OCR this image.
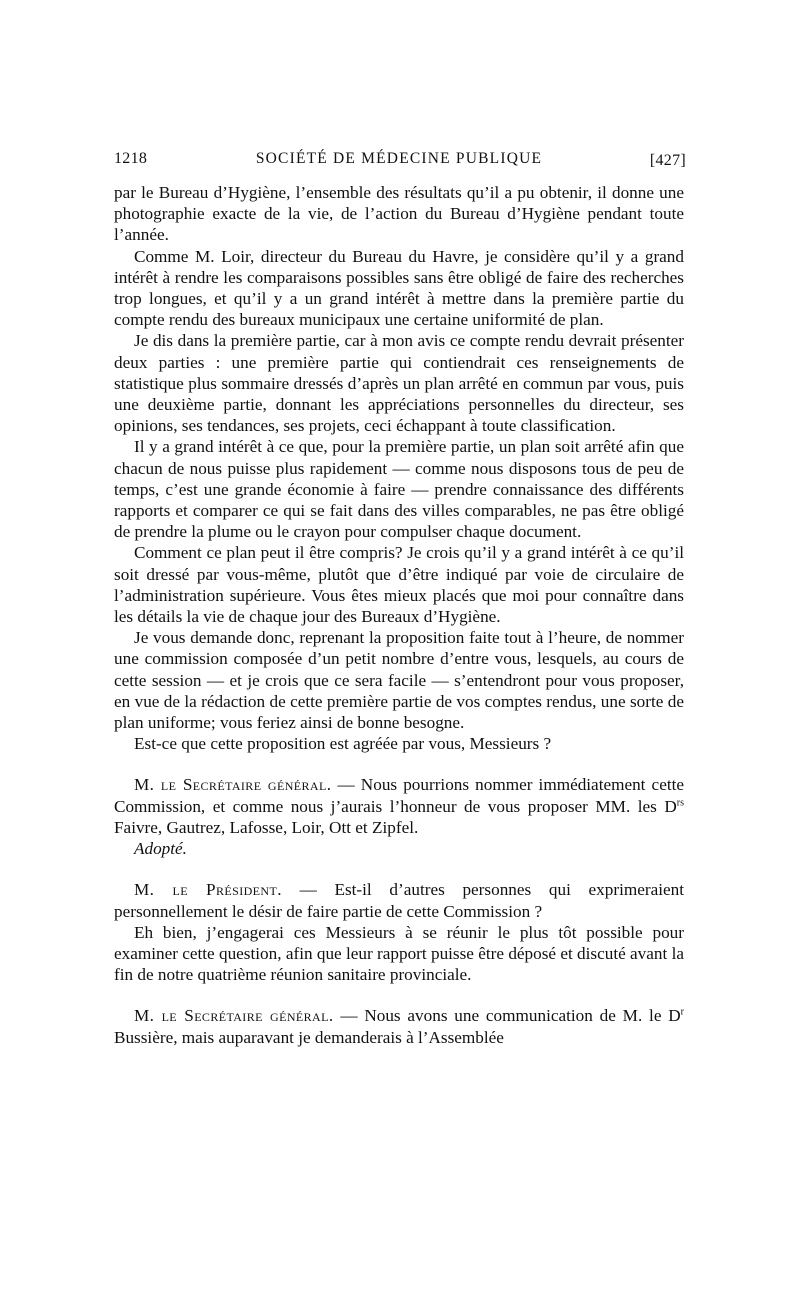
1218	SOCIÉTÉ DE MÉDECINE PUBLIQUE	[427]

par le Bureau d’Hygiène, l’ensemble des résultats qu’il a pu obtenir, il donne une photographie exacte de la vie, de l’action du Bureau d’Hygiène pendant toute l’année.

Comme M. Loir, directeur du Bureau du Havre, je considère qu’il y a grand intérêt à rendre les comparaisons possibles sans être obligé de faire des recherches trop longues, et qu’il y a un grand intérêt à mettre dans la première partie du compte rendu des bureaux municipaux une certaine uniformité de plan.

Je dis dans la première partie, car à mon avis ce compte rendu devrait présenter deux parties : une première partie qui contiendrait ces renseignements de statistique plus sommaire dressés d’après un plan arrêté en commun par vous, puis une deuxième partie, donnant les appréciations personnelles du directeur, ses opinions, ses tendances, ses projets, ceci échappant à toute classification.

Il y a grand intérêt à ce que, pour la première partie, un plan soit arrêté afin que chacun de nous puisse plus rapidement — comme nous disposons tous de peu de temps, c’est une grande économie à faire — prendre connaissance des différents rapports et comparer ce qui se fait dans des villes comparables, ne pas être obligé de prendre la plume ou le crayon pour compulser chaque document.

Comment ce plan peut il être compris? Je crois qu’il y a grand intérêt à ce qu’il soit dressé par vous-même, plutôt que d’être indiqué par voie de circulaire de l’administration supérieure. Vous êtes mieux placés que moi pour connaître dans les détails la vie de chaque jour des Bureaux d’Hygiène.

Je vous demande donc, reprenant la proposition faite tout à l’heure, de nommer une commission composée d’un petit nombre d’entre vous, lesquels, au cours de cette session — et je crois que ce sera facile — s’entendront pour vous proposer, en vue de la rédaction de cette première partie de vos comptes rendus, une sorte de plan uniforme; vous feriez ainsi de bonne besogne.

Est-ce que cette proposition est agréée par vous, Messieurs ?

M. le Secrétaire général. — Nous pourrions nommer immédiatement cette Commission, et comme nous j’aurais l’honneur de vous proposer MM. les $D^{rs}$ Faivre, Gautrez, Lafosse, Loir, Ott et Zipfel.

Adopté.

M. le Président. — Est-il d’autres personnes qui exprimeraient personnellement le désir de faire partie de cette Commission ?

Eh bien, j’engagerai ces Messieurs à se réunir le plus tôt possible pour examiner cette question, afin que leur rapport puisse être déposé et discuté avant la fin de notre quatrième réunion sanitaire provinciale.

M. le Secrétaire général. — Nous avons une communication de M. le $D^r$ Bussière, mais auparavant je demanderais à l’Assemblée
